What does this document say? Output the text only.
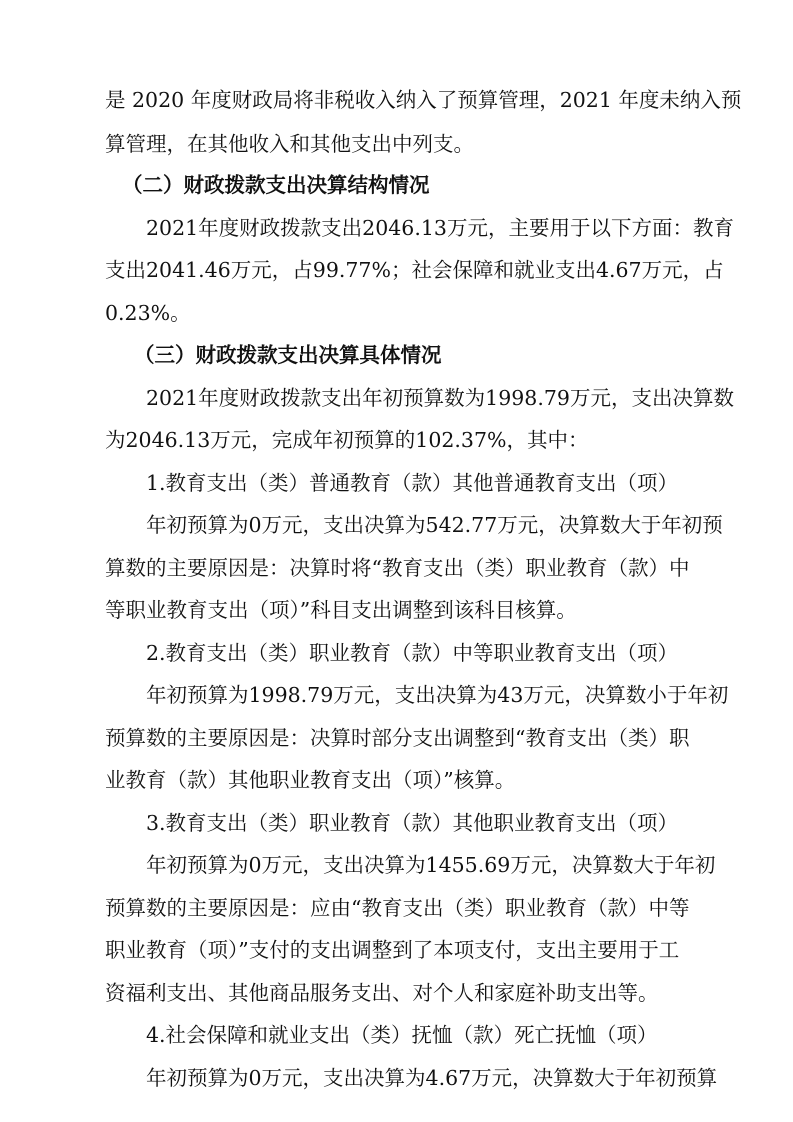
是 2020 年度财政局将非税收入纳入了预算管理，2021 年度未纳入预
算管理，在其他收入和其他支出中列支。
（二）财政拨款支出决算结构情况
2021年度财政拨款支出2046.13万元，主要用于以下方面：教育
支出2041.46万元，占99.77%；社会保障和就业支出4.67万元，占
0.23%。
（三）财政拨款支出决算具体情况
2021年度财政拨款支出年初预算数为1998.79万元，支出决算数
为2046.13万元，完成年初预算的102.37%，其中：
1.教育支出（类）普通教育（款）其他普通教育支出（项）
年初预算为0万元，支出决算为542.77万元，决算数大于年初预
算数的主要原因是：决算时将“教育支出（类）职业教育（款）中
等职业教育支出（项）”科目支出调整到该科目核算。
2.教育支出（类）职业教育（款）中等职业教育支出（项）
年初预算为1998.79万元，支出决算为43万元，决算数小于年初
预算数的主要原因是：决算时部分支出调整到“教育支出（类）职
业教育（款）其他职业教育支出（项）”核算。
3.教育支出（类）职业教育（款）其他职业教育支出（项）
年初预算为0万元，支出决算为1455.69万元，决算数大于年初
预算数的主要原因是：应由“教育支出（类）职业教育（款）中等
职业教育（项）”支付的支出调整到了本项支付，支出主要用于工
资福利支出、其他商品服务支出、对个人和家庭补助支出等。
4.社会保障和就业支出（类）抚恤（款）死亡抚恤（项）
年初预算为0万元，支出决算为4.67万元，决算数大于年初预算
